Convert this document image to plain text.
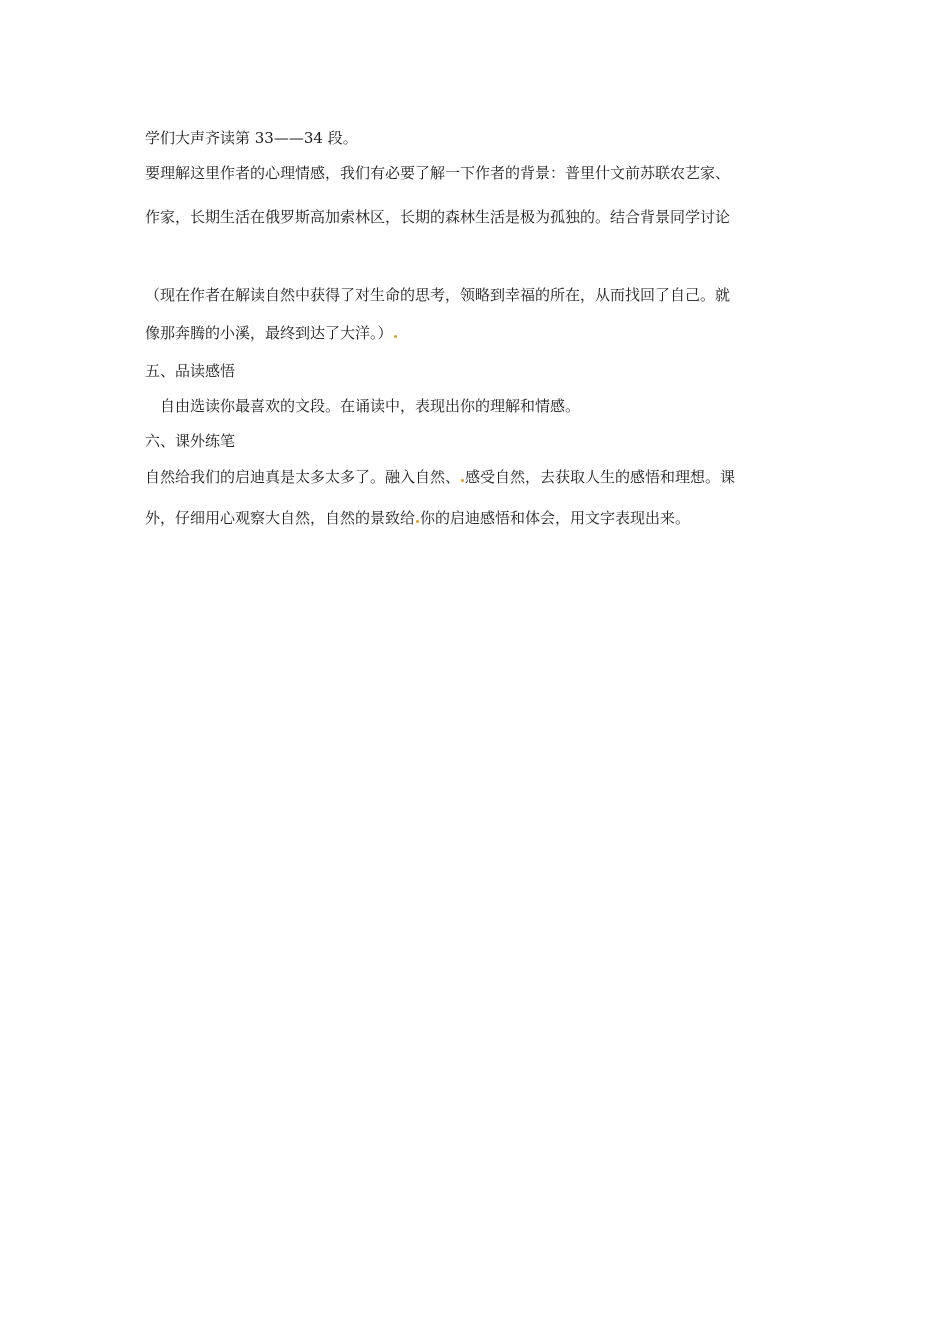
学们大声齐读第 33——34 段。
要理解这里作者的心理情感，我们有必要了解一下作者的背景：普里什文前苏联农艺家、
作家，长期生活在俄罗斯高加索林区，长期的森林生活是极为孤独的。结合背景同学讨论
（现在作者在解读自然中获得了对生命的思考，领略到幸福的所在，从而找回了自己。就
像那奔腾的小溪，最终到达了大洋。）
五、品读感悟
自由选读你最喜欢的文段。在诵读中，表现出你的理解和情感。
六、课外练笔
自然给我们的启迪真是太多太多了。融入自然、 感受自然，去获取人生的感悟和理想。课
外，仔细用心观察大自然，自然的景致给 你的启迪感悟和体会，用文字表现出来。
